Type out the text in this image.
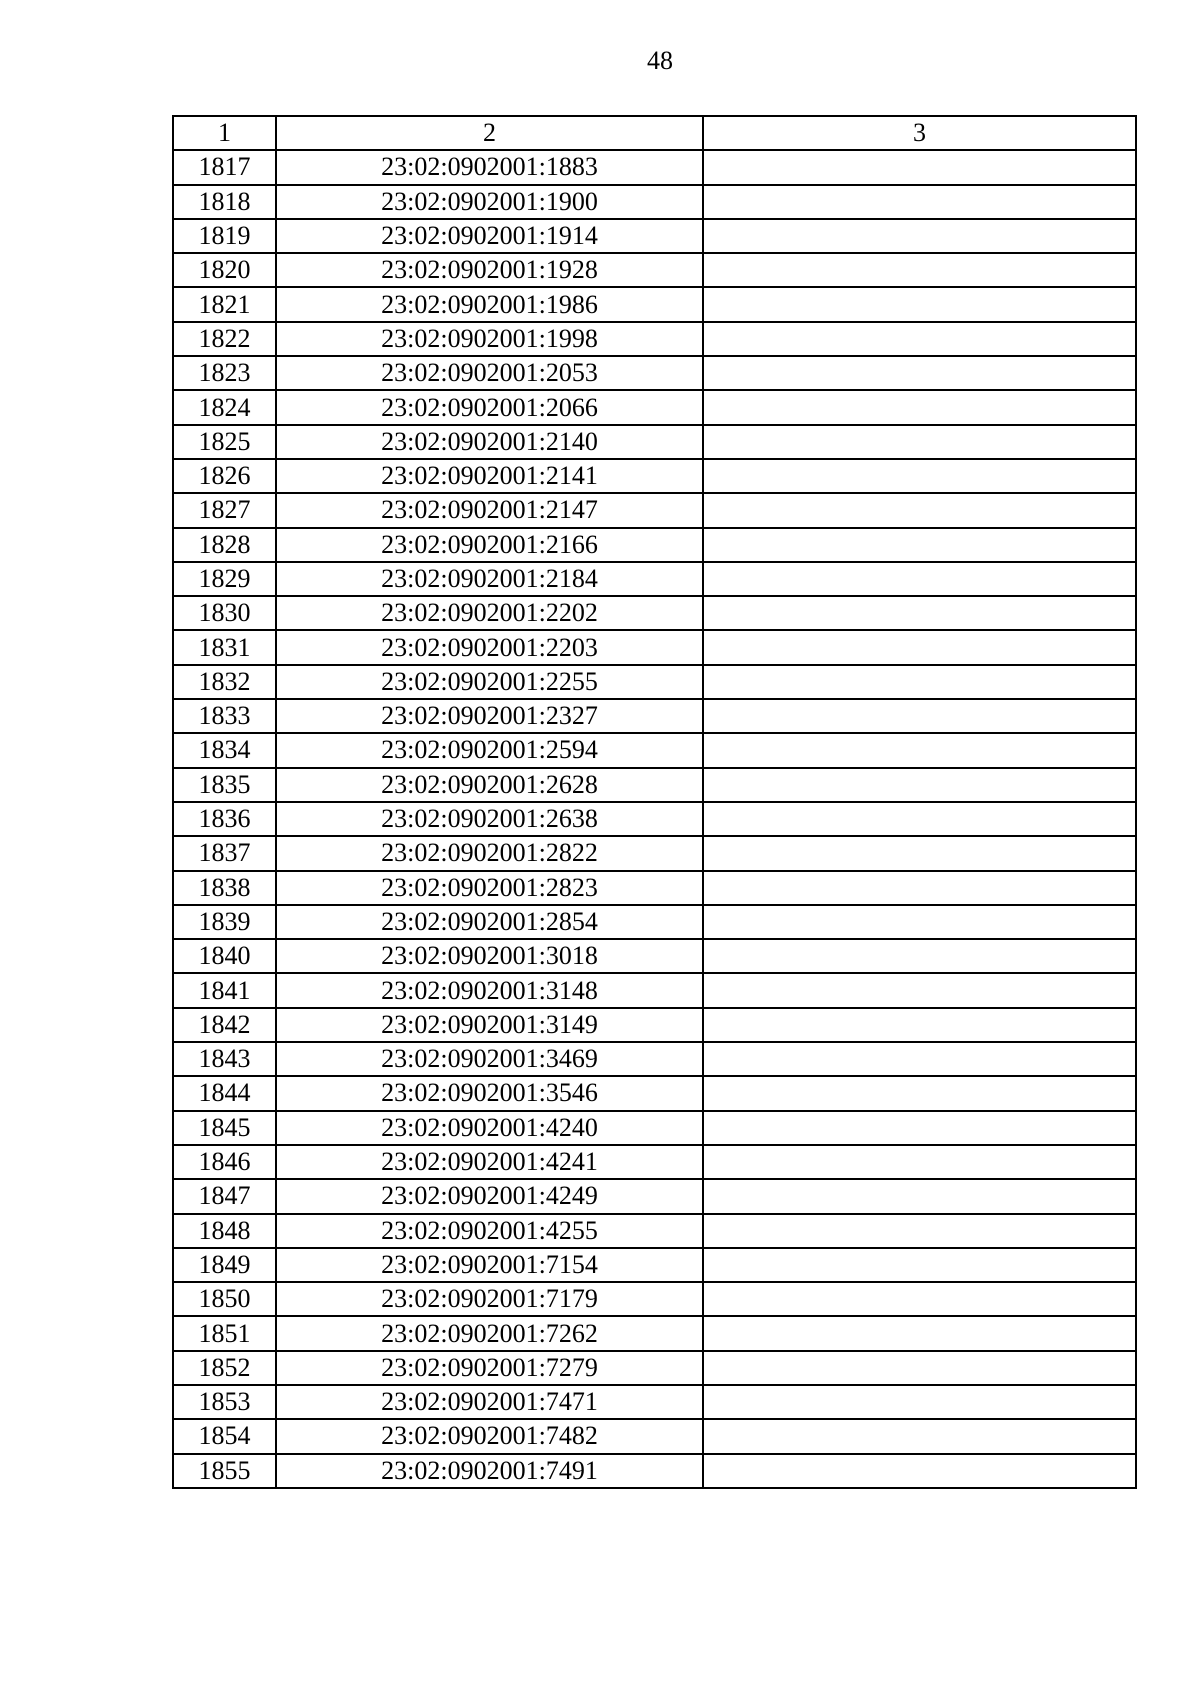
48
1	2	3
1817	23:02:0902001:1883	
1818	23:02:0902001:1900	
1819	23:02:0902001:1914	
1820	23:02:0902001:1928	
1821	23:02:0902001:1986	
1822	23:02:0902001:1998	
1823	23:02:0902001:2053	
1824	23:02:0902001:2066	
1825	23:02:0902001:2140	
1826	23:02:0902001:2141	
1827	23:02:0902001:2147	
1828	23:02:0902001:2166	
1829	23:02:0902001:2184	
1830	23:02:0902001:2202	
1831	23:02:0902001:2203	
1832	23:02:0902001:2255	
1833	23:02:0902001:2327	
1834	23:02:0902001:2594	
1835	23:02:0902001:2628	
1836	23:02:0902001:2638	
1837	23:02:0902001:2822	
1838	23:02:0902001:2823	
1839	23:02:0902001:2854	
1840	23:02:0902001:3018	
1841	23:02:0902001:3148	
1842	23:02:0902001:3149	
1843	23:02:0902001:3469	
1844	23:02:0902001:3546	
1845	23:02:0902001:4240	
1846	23:02:0902001:4241	
1847	23:02:0902001:4249	
1848	23:02:0902001:4255	
1849	23:02:0902001:7154	
1850	23:02:0902001:7179	
1851	23:02:0902001:7262	
1852	23:02:0902001:7279	
1853	23:02:0902001:7471	
1854	23:02:0902001:7482	
1855	23:02:0902001:7491	
